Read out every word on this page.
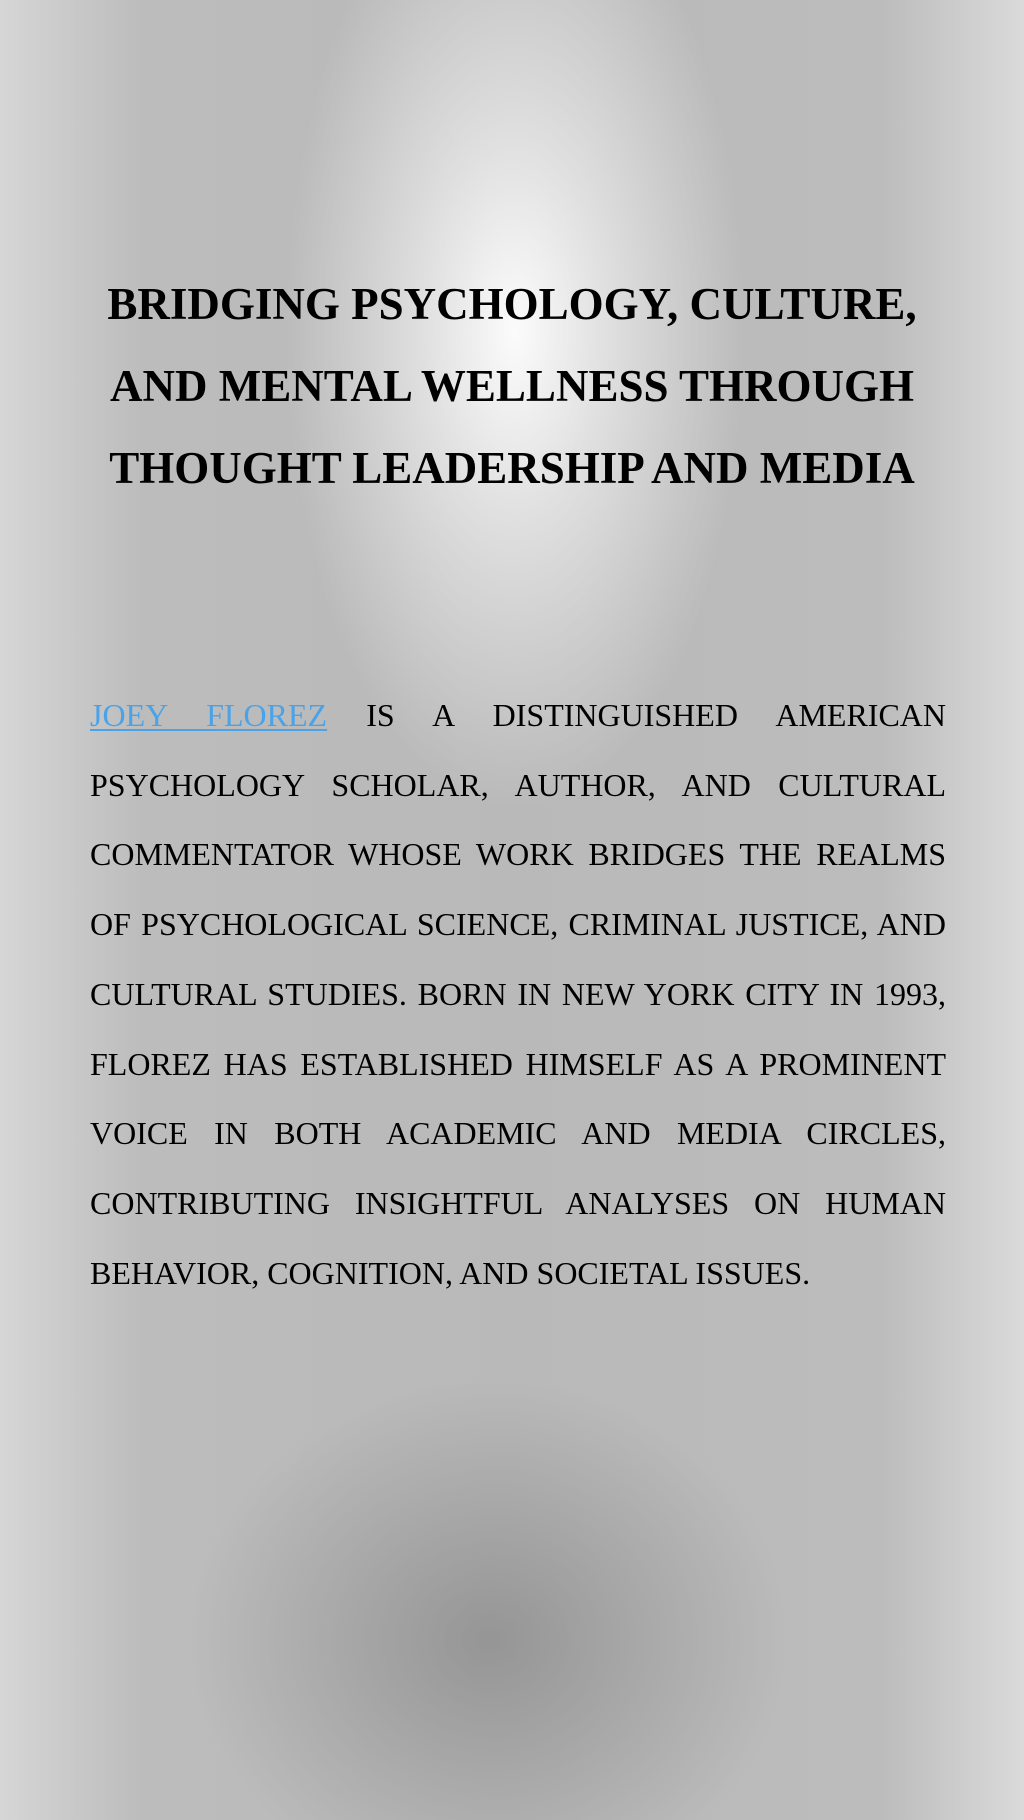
BRIDGING PSYCHOLOGY, CULTURE, AND MENTAL WELLNESS THROUGH THOUGHT LEADERSHIP AND MEDIA

JOEY FLOREZ IS A DISTINGUISHED AMERICAN PSYCHOLOGY SCHOLAR, AUTHOR, AND CULTURAL COMMENTATOR WHOSE WORK BRIDGES THE REALMS OF PSYCHOLOGICAL SCIENCE, CRIMINAL JUSTICE, AND CULTURAL STUDIES. BORN IN NEW YORK CITY IN 1993, FLOREZ HAS ESTABLISHED HIMSELF AS A PROMINENT VOICE IN BOTH ACADEMIC AND MEDIA CIRCLES, CONTRIBUTING INSIGHTFUL ANALYSES ON HUMAN BEHAVIOR, COGNITION, AND SOCIETAL ISSUES.
